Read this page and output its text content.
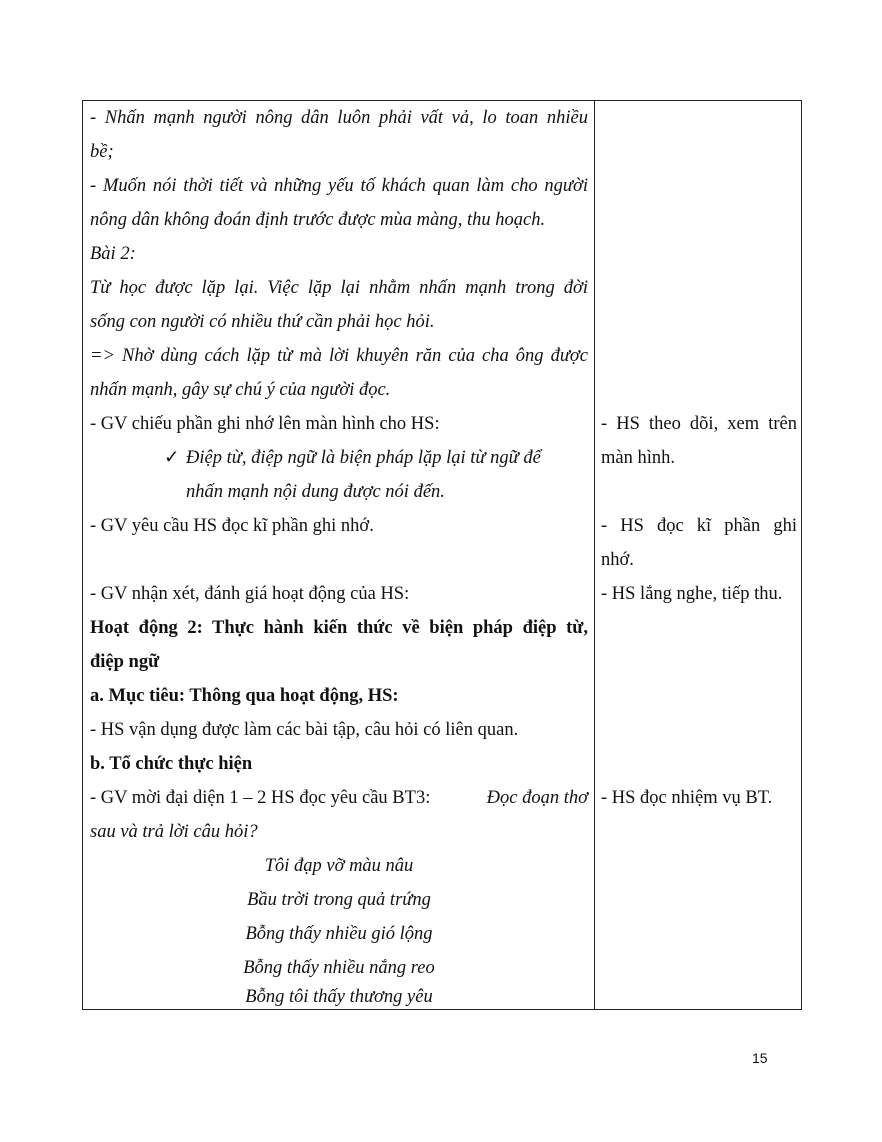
- Nhấn mạnh người nông dân luôn phải vất vả, lo toan nhiều
bề;
- Muốn nói thời tiết và những yếu tố khách quan làm cho người
nông dân không đoán định trước được mùa màng, thu hoạch.
Bài 2:
Từ học được lặp lại. Việc lặp lại nhằm nhấn mạnh trong đời
sống con người có nhiều thứ cần phải học hỏi.
=> Nhờ dùng cách lặp từ mà lời khuyên răn của cha ông được
nhấn mạnh, gây sự chú ý của người đọc.
- GV chiếu phần ghi nhớ lên màn hình cho HS:
✓ Điệp từ, điệp ngữ là biện pháp lặp lại từ ngữ để
nhấn mạnh nội dung được nói đến.
- GV yêu cầu HS đọc kĩ phần ghi nhớ.
- GV nhận xét, đánh giá hoạt động của HS:
Hoạt động 2: Thực hành kiến thức về biện pháp điệp từ,
điệp ngữ
a. Mục tiêu: Thông qua hoạt động, HS:
- HS vận dụng được làm các bài tập, câu hỏi có liên quan.
b. Tổ chức thực hiện
- GV mời đại diện 1 – 2 HS đọc yêu cầu BT3:	Đọc đoạn thơ
sau và trả lời câu hỏi?
Tôi đạp vỡ màu nâu
Bầu trời trong quả trứng
Bỗng thấy nhiều gió lộng
Bỗng thấy nhiều nắng reo
Bỗng tôi thấy thương yêu
- HS theo dõi, xem trên
màn hình.
- HS đọc kĩ phần ghi
nhớ.
- HS lắng nghe, tiếp thu.
- HS đọc nhiệm vụ BT.
15
